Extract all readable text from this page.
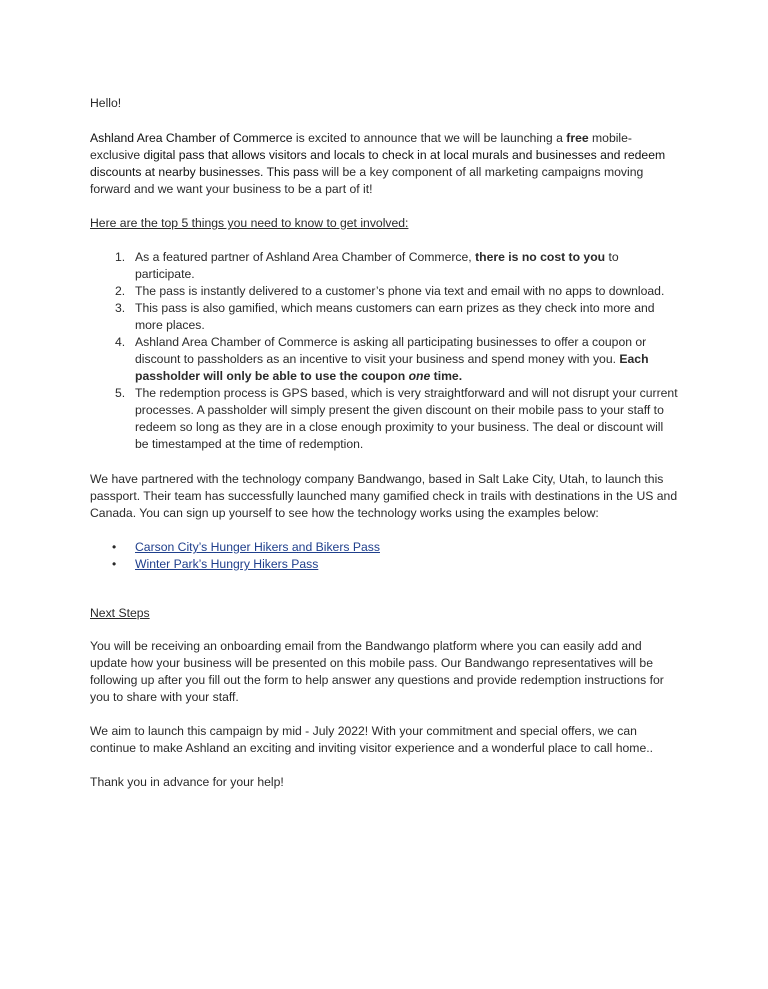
Hello!

Ashland Area Chamber of Commerce is excited to announce that we will be launching a free mobile-exclusive digital pass that allows visitors and locals to check in at local murals and businesses and redeem discounts at nearby businesses. This pass will be a key component of all marketing campaigns moving forward and we want your business to be a part of it!

Here are the top 5 things you need to know to get involved:

1. As a featured partner of Ashland Area Chamber of Commerce, there is no cost to you to participate.
2. The pass is instantly delivered to a customer’s phone via text and email with no apps to download.
3. This pass is also gamified, which means customers can earn prizes as they check into more and more places.
4. Ashland Area Chamber of Commerce is asking all participating businesses to offer a coupon or discount to passholders as an incentive to visit your business and spend money with you. Each passholder will only be able to use the coupon one time.
5. The redemption process is GPS based, which is very straightforward and will not disrupt your current processes. A passholder will simply present the given discount on their mobile pass to your staff to redeem so long as they are in a close enough proximity to your business. The deal or discount will be timestamped at the time of redemption.

We have partnered with the technology company Bandwango, based in Salt Lake City, Utah, to launch this passport. Their team has successfully launched many gamified check in trails with destinations in the US and Canada. You can sign up yourself to see how the technology works using the examples below:

• Carson City’s Hunger Hikers and Bikers Pass
• Winter Park’s Hungry Hikers Pass

Next Steps

You will be receiving an onboarding email from the Bandwango platform where you can easily add and update how your business will be presented on this mobile pass. Our Bandwango representatives will be following up after you fill out the form to help answer any questions and provide redemption instructions for you to share with your staff.

We aim to launch this campaign by mid - July 2022! With your commitment and special offers, we can continue to make Ashland an exciting and inviting visitor experience and a wonderful place to call home..

Thank you in advance for your help!
